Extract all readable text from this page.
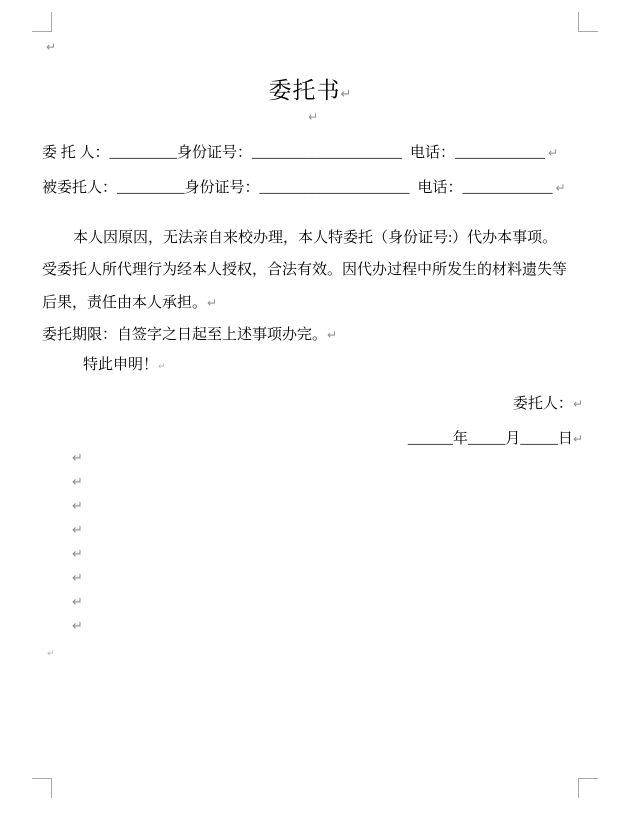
↵
委托书↵
↵
委 托 人：_________身份证号：____________________ 电话：____________ ↵
被委托人：_________身份证号：____________________ 电话：____________ ↵
本人因原因，无法亲自来校办理，本人特委托（身份证号:）代办本事项。
受委托人所代理行为经本人授权，合法有效。因代办过程中所发生的材料遗失等
后果，责任由本人承担。↵
委托期限：自签字之日起至上述事项办完。↵
特此申明！↵
委托人：↵
______年_____月_____日↵
↵
↵
↵
↵
↵
↵
↵
↵
↵
